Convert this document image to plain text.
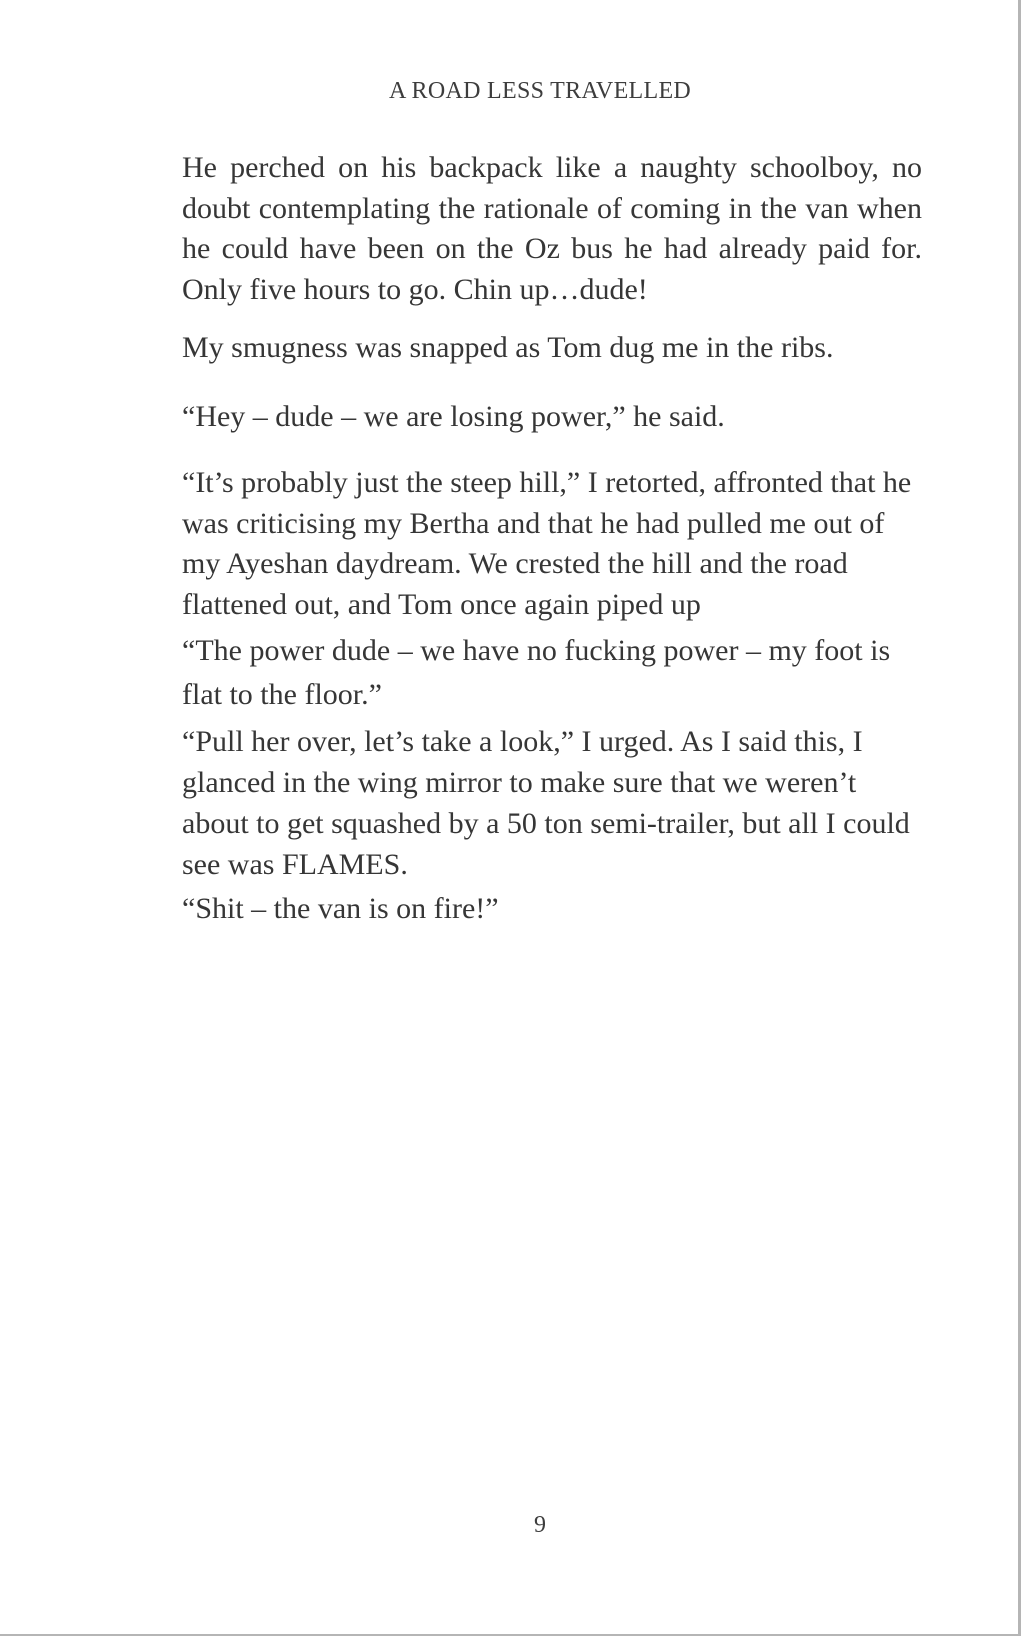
A ROAD LESS TRAVELLED

He perched on his backpack like a naughty schoolboy, no doubt contemplating the rationale of coming in the van when he could have been on the Oz bus he had already paid for. Only five hours to go. Chin up…dude!

My smugness was snapped as Tom dug me in the ribs.

“Hey – dude – we are losing power,” he said.

“It’s probably just the steep hill,” I retorted, affronted that he was criticising my Bertha and that he had pulled me out of my Ayeshan daydream. We crested the hill and the road flattened out, and Tom once again piped up

“The power dude – we have no fucking power – my foot is flat to the floor.”

“Pull her over, let’s take a look,” I urged. As I said this, I glanced in the wing mirror to make sure that we weren’t about to get squashed by a 50 ton semi-trailer, but all I could see was FLAMES.

“Shit – the van is on fire!”

9
